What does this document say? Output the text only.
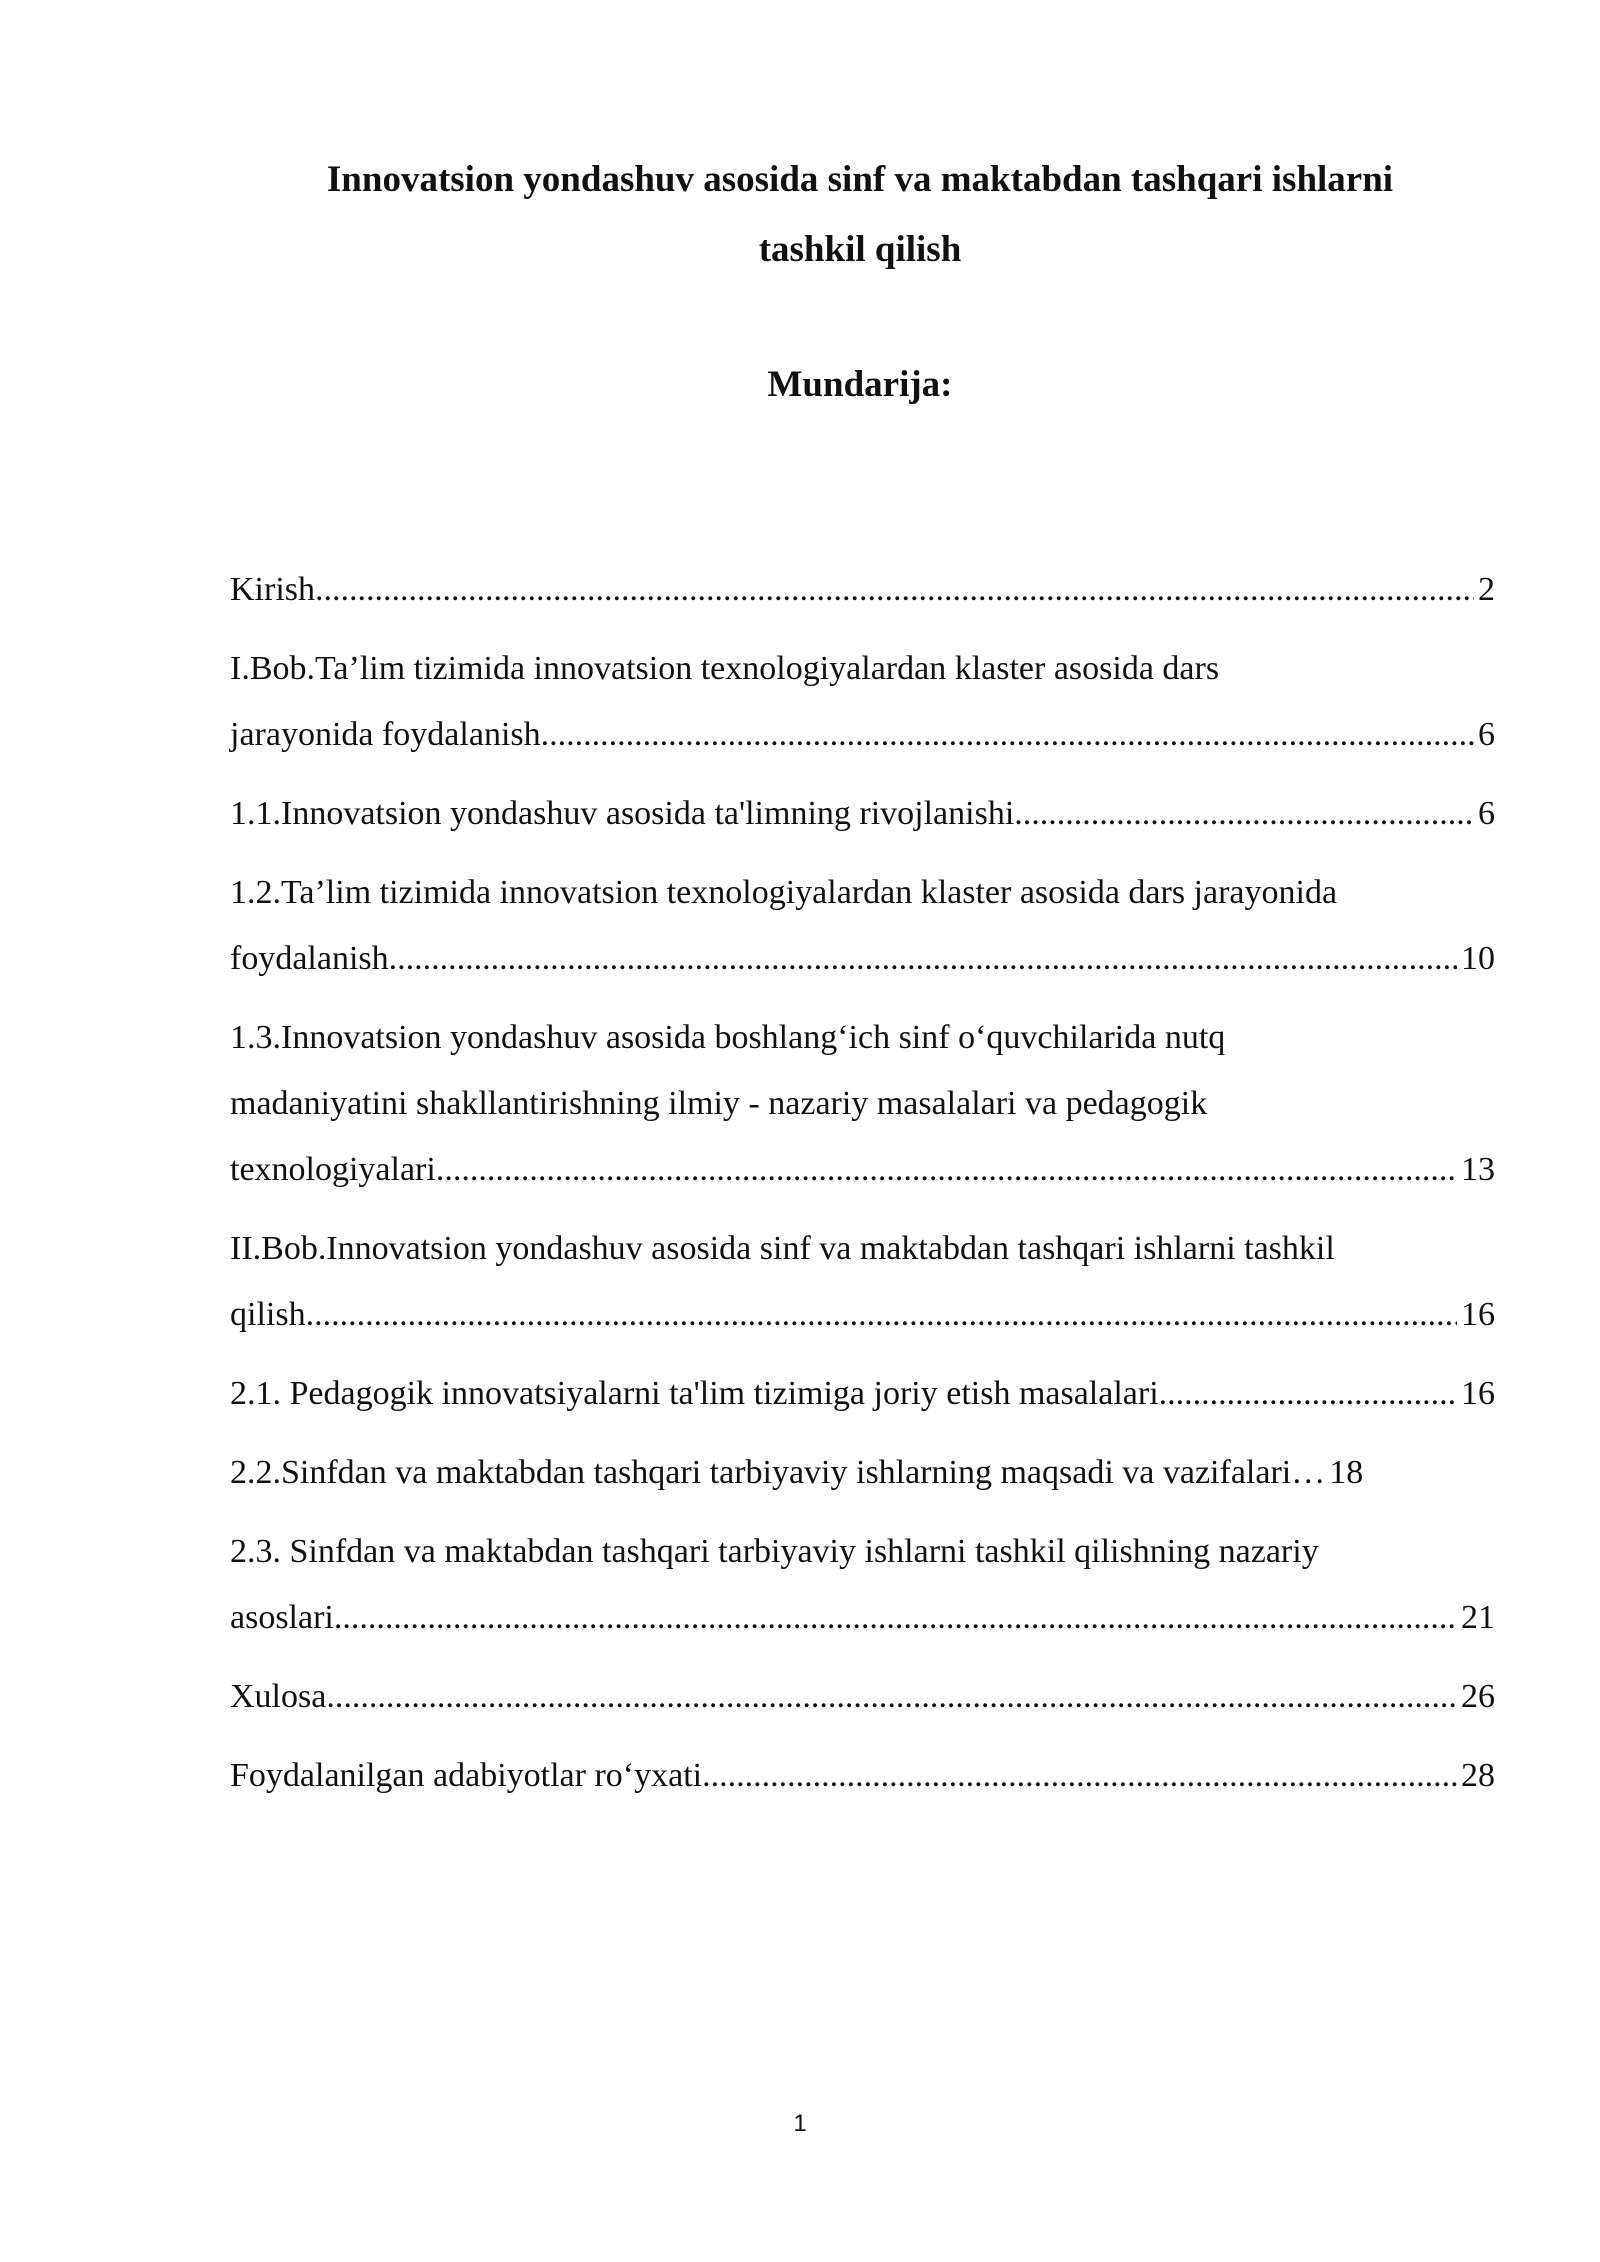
Innovatsion yondashuv asosida sinf va maktabdan tashqari ishlarni
tashkil qilish
Mundarija:
Kirish .....	2
I.Bob.Ta’lim tizimida innovatsion texnologiyalardan klaster asosida dars
jarayonida foydalanish .....	6
1.1.Innovatsion yondashuv asosida ta'limning rivojlanishi .....	6
1.2.Ta’lim tizimida innovatsion texnologiyalardan klaster asosida dars jarayonida
foydalanish .....	10
1.3.Innovatsion yondashuv asosida boshlang‘ich sinf o‘quvchilarida nutq
madaniyatini shakllantirishning ilmiy - nazariy masalalari va pedagogik
texnologiyalari .....	13
II.Bob.Innovatsion yondashuv asosida sinf va maktabdan tashqari ishlarni tashkil
qilish .....	16
2.1. Pedagogik innovatsiyalarni ta'lim tizimiga joriy etish masalalari .....	16
2.2.Sinfdan va maktabdan tashqari tarbiyaviy ishlarning maqsadi va vazifalari… 18
2.3. Sinfdan va maktabdan tashqari tarbiyaviy ishlarni tashkil qilishning nazariy
asoslari .....	21
Xulosa .....	26
Foydalanilgan adabiyotlar ro‘yxati .....	28
1
